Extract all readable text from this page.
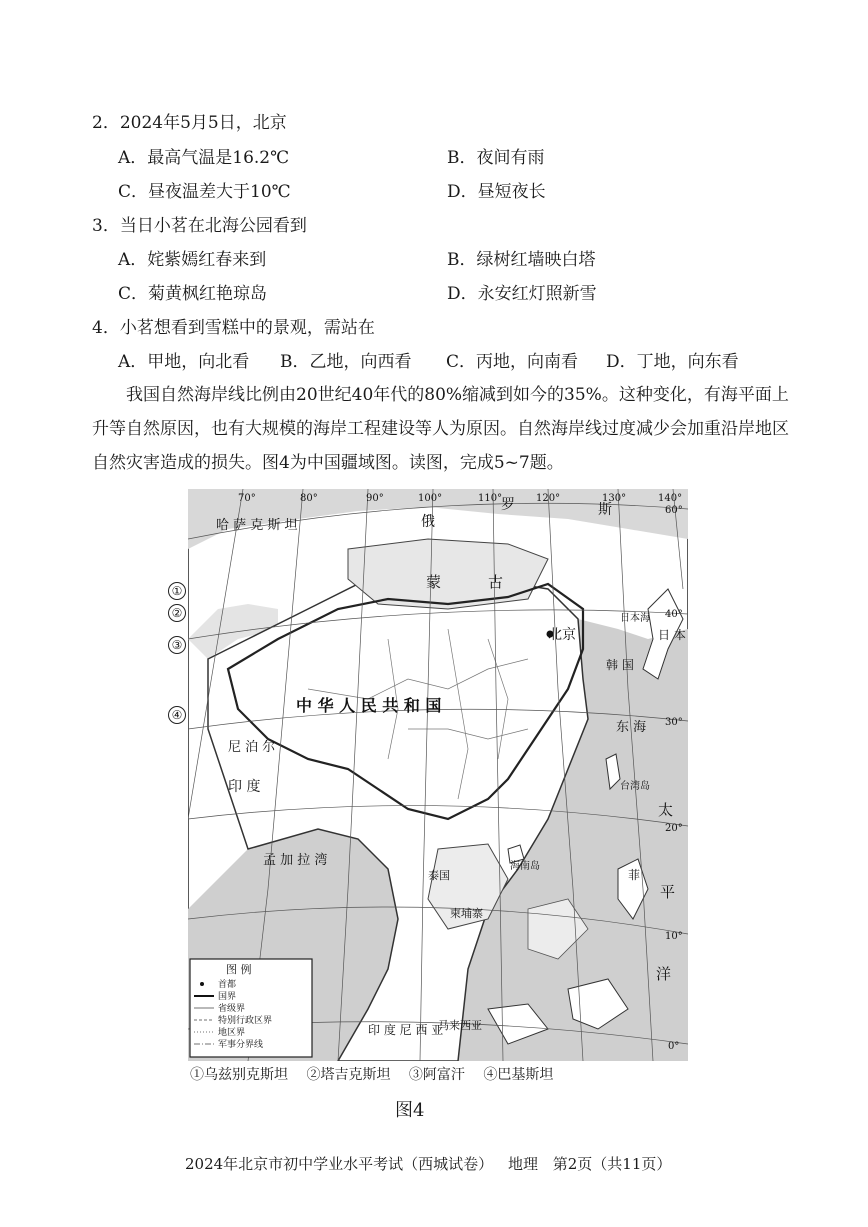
2．2024年5月5日，北京
A．最高气温是16.2℃	B．夜间有雨
C．昼夜温差大于10℃	D．昼短夜长
3．当日小茗在北海公园看到
A．姹紫嫣红春来到	B．绿树红墙映白塔
C．菊黄枫红艳琼岛	D．永安红灯照新雪
4．小茗想看到雪糕中的景观，需站在
A．甲地，向北看 B．乙地，向西看 C．丙地，向南看 D．丁地，向东看
我国自然海岸线比例由20世纪40年代的80%缩减到如今的35%。这种变化，有海平面上升等自然原因，也有大规模的海岸工程建设等人为原因。自然海岸线过度减少会加重沿岸地区自然灾害造成的损失。图4为中国疆域图。读图，完成5~7题。
①
②
③
④
70°	80°	90°	100°	110°	120°	130°	140°
60°
40°
30°
20°
10°
0°
俄
罗	斯
哈 萨 克 斯 坦
蒙	古
北京
中 华 人 民 共 和 国
尼 泊 尔
印 度
孟 加 拉 湾
东 海
台湾岛
海南岛
太
平
洋
日 本
韩 国
日本海
柬埔寨
泰国	菲
印 度 尼 西 亚
马来西亚
图 例
首都
国界
省级界
特别行政区界
地区界
军事分界线
①乌兹别克斯坦 ②塔吉克斯坦 ③阿富汗 ④巴基斯坦
图4
2024年北京市初中学业水平考试（西城试卷） 地理 第2页（共11页）
